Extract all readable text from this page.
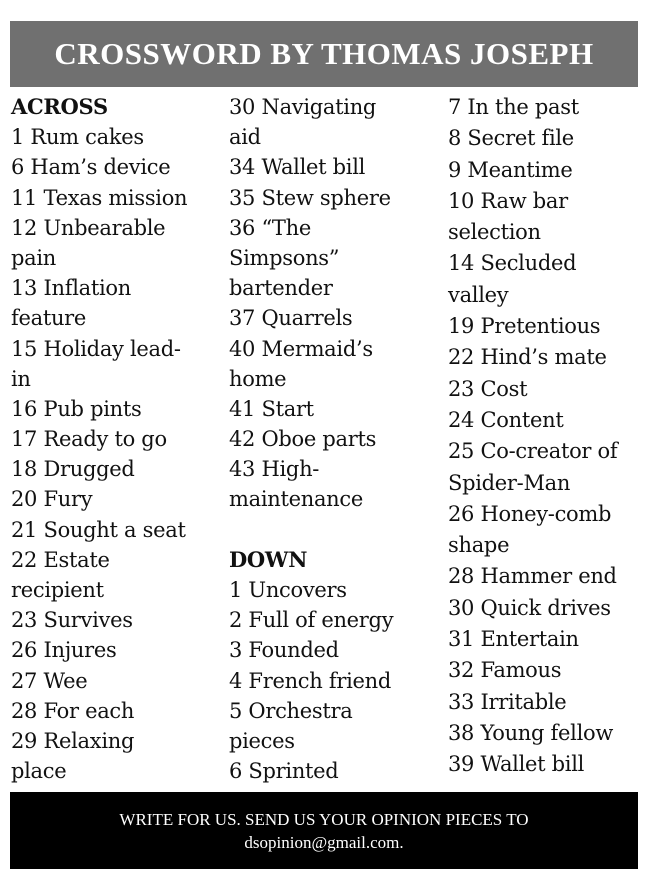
CROSSWORD BY THOMAS JOSEPH
ACROSS
1 Rum cakes
6 Ham’s device
11 Texas mission
12 Unbearable
pain
13 Inflation
feature
15 Holiday lead-
in
16 Pub pints
17 Ready to go
18 Drugged
20 Fury
21 Sought a seat
22 Estate
recipient
23 Survives
26 Injures
27 Wee
28 For each
29 Relaxing
place
30 Navigating
aid
34 Wallet bill
35 Stew sphere
36 “The
Simpsons”
bartender
37 Quarrels
40 Mermaid’s
home
41 Start
42 Oboe parts
43 High-
maintenance
DOWN
1 Uncovers
2 Full of energy
3 Founded
4 French friend
5 Orchestra
pieces
6 Sprinted
7 In the past
8 Secret file
9 Meantime
10 Raw bar
selection
14 Secluded
valley
19 Pretentious
22 Hind’s mate
23 Cost
24 Content
25 Co-creator of
Spider-Man
26 Honey-comb
shape
28 Hammer end
30 Quick drives
31 Entertain
32 Famous
33 Irritable
38 Young fellow
39 Wallet bill
WRITE FOR US. SEND US YOUR OPINION PIECES TO
dsopinion@gmail.com.
